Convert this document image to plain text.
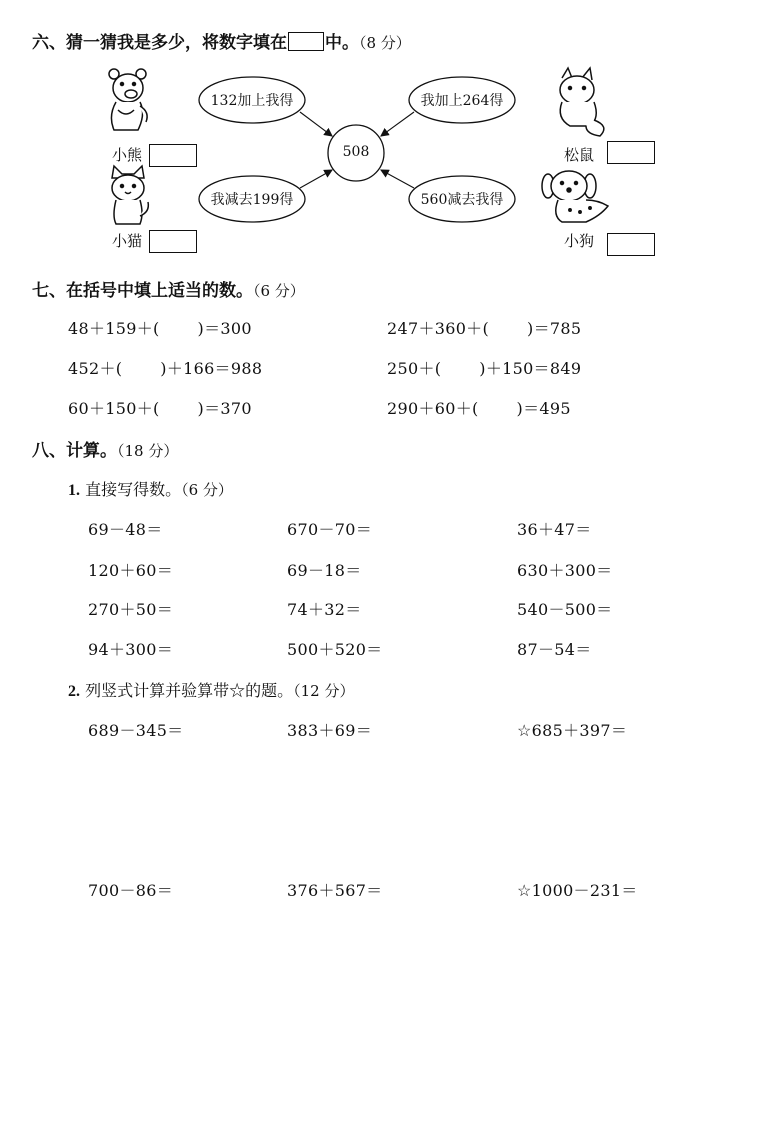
六、猜一猜我是多少，将数字填在 中。（8 分）
132加上我得	我加上264得
我减去199得	560减去我得
508
小熊
小猫
松鼠
小狗
七、在括号中填上适当的数。（6 分）
48＋159＋( )＝300	247＋360＋( )＝785
452＋( )＋166＝988	250＋( )＋150＝849
60＋150＋( )＝370	290＋60＋( )＝495
八、计算。（18 分）
1. 直接写得数。（6 分）
69－48＝	670－70＝	36＋47＝
120＋60＝	69－18＝	630＋300＝
270＋50＝	74＋32＝	540－500＝
94＋300＝	500＋520＝	87－54＝
2. 列竖式计算并验算带☆的题。（12 分）
689－345＝	383＋69＝	☆685＋397＝
700－86＝	376＋567＝	☆1000－231＝
